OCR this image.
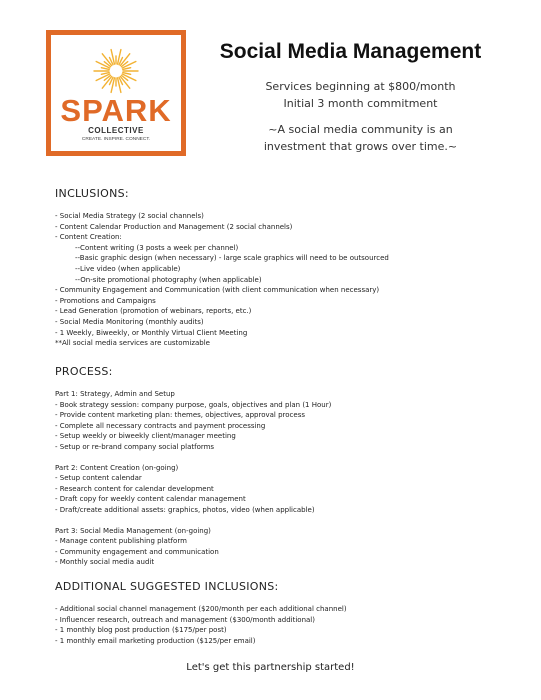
SPARK
COLLECTIVE
CREATE. INSPIRE. CONNECT.
Social Media Management
Services beginning at $800/month
Initial 3 month commitment
~A social media community is an
investment that grows over time.~
INCLUSIONS:
- Social Media Strategy (2 social channels)
- Content Calendar Production and Management (2 social channels)
- Content Creation:
--Content writing (3 posts a week per channel)
--Basic graphic design (when necessary) - large scale graphics will need to be outsourced
--Live video (when applicable)
--On-site promotional photography (when applicable)
- Community Engagement and Communication (with client communication when necessary)
- Promotions and Campaigns
- Lead Generation (promotion of webinars, reports, etc.)
- Social Media Monitoring (monthly audits)
- 1 Weekly, Biweekly, or Monthly Virtual Client Meeting
**All social media services are customizable
PROCESS:
Part 1: Strategy, Admin and Setup
- Book strategy session: company purpose, goals, objectives and plan (1 Hour)
- Provide content marketing plan: themes, objectives, approval process
- Complete all necessary contracts and payment processing
- Setup weekly or biweekly client/manager meeting
- Setup or re-brand company social platforms
Part 2: Content Creation (on-going)
- Setup content calendar
- Research content for calendar development
- Draft copy for weekly content calendar management
- Draft/create additional assets: graphics, photos, video (when applicable)
Part 3: Social Media Management (on-going)
- Manage content publishing platform
- Community engagement and communication
- Monthly social media audit
ADDITIONAL SUGGESTED INCLUSIONS:
- Additional social channel management ($200/month per each additional channel)
- Influencer research, outreach and management ($300/month additional)
- 1 monthly blog post production ($175/per post)
- 1 monthly email marketing production ($125/per email)
Let's get this partnership started!
